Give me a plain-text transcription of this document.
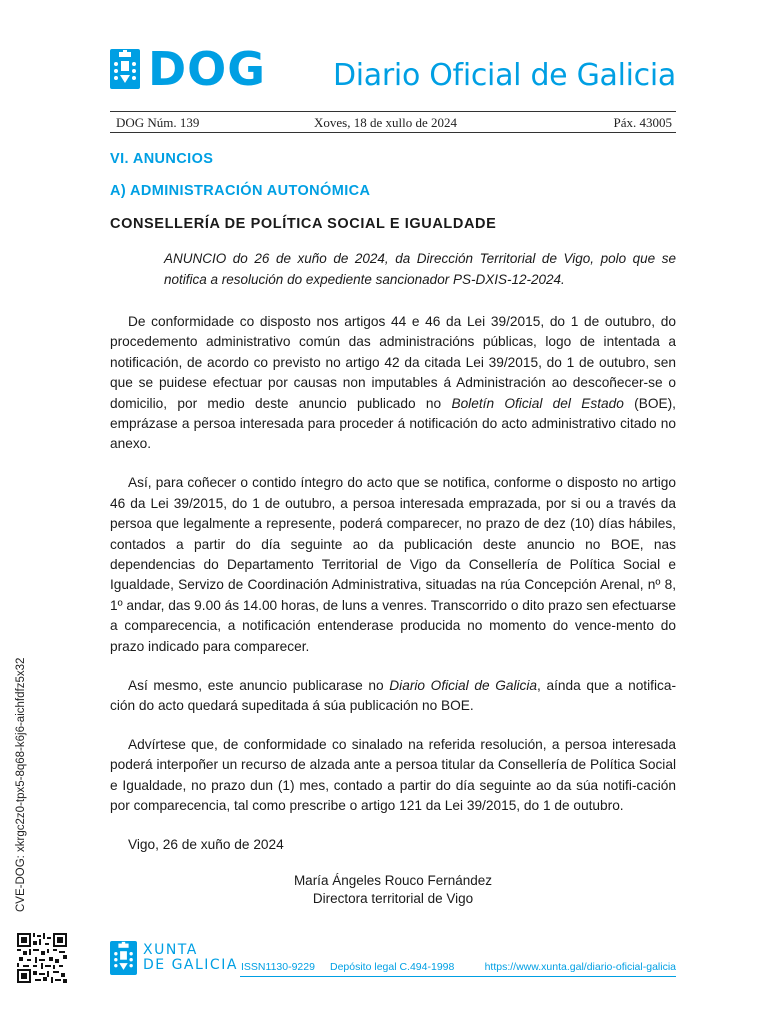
DOG Diario Oficial de Galicia
DOG Núm. 139	Xoves, 18 de xullo de 2024	Páx. 43005
VI. ANUNCIOS
A) ADMINISTRACIÓN AUTONÓMICA
CONSELLERÍA DE POLÍTICA SOCIAL E IGUALDADE
ANUNCIO do 26 de xuño de 2024, da Dirección Territorial de Vigo, polo que se notifica a resolución do expediente sancionador PS-DXIS-12-2024.

De conformidade co disposto nos artigos 44 e 46 da Lei 39/2015, do 1 de outubro, do procedemento administrativo común das administracións públicas, logo de intentada a notificación, de acordo co previsto no artigo 42 da citada Lei 39/2015, do 1 de outubro, sen que se puidese efectuar por causas non imputables á Administración ao descoñecer-se o domicilio, por medio deste anuncio publicado no Boletín Oficial del Estado (BOE), emprázase a persoa interesada para proceder á notificación do acto administrativo citado no anexo.

Así, para coñecer o contido íntegro do acto que se notifica, conforme o disposto no artigo 46 da Lei 39/2015, do 1 de outubro, a persoa interesada emprazada, por si ou a través da persoa que legalmente a represente, poderá comparecer, no prazo de dez (10) días hábiles, contados a partir do día seguinte ao da publicación deste anuncio no BOE, nas dependencias do Departamento Territorial de Vigo da Consellería de Política Social e Igualdade, Servizo de Coordinación Administrativa, situadas na rúa Concepción Arenal, nº 8, 1º andar, das 9.00 ás 14.00 horas, de luns a venres. Transcorrido o dito prazo sen efectuarse a comparecencia, a notificación entenderase producida no momento do vence-mento do prazo indicado para comparecer.

Así mesmo, este anuncio publicarase no Diario Oficial de Galicia, aínda que a notifica-ción do acto quedará supeditada á súa publicación no BOE.

Advírtese que, de conformidade co sinalado na referida resolución, a persoa interesada poderá interpoñer un recurso de alzada ante a persoa titular da Consellería de Política Social e Igualdade, no prazo dun (1) mes, contado a partir do día seguinte ao da súa notifi-cación por comparecencia, tal como prescribe o artigo 121 da Lei 39/2015, do 1 de outubro.

Vigo, 26 de xuño de 2024

María Ángeles Rouco Fernández
Directora territorial de Vigo
CVE-DOG: xkrgc2z0-tpx5-8q68-k6j6-aichfdfz5x32
XUNTA
DE GALICIA ISSN1130-9229 Depósito legal C.494-1998	https://www.xunta.gal/diario-oficial-galicia
